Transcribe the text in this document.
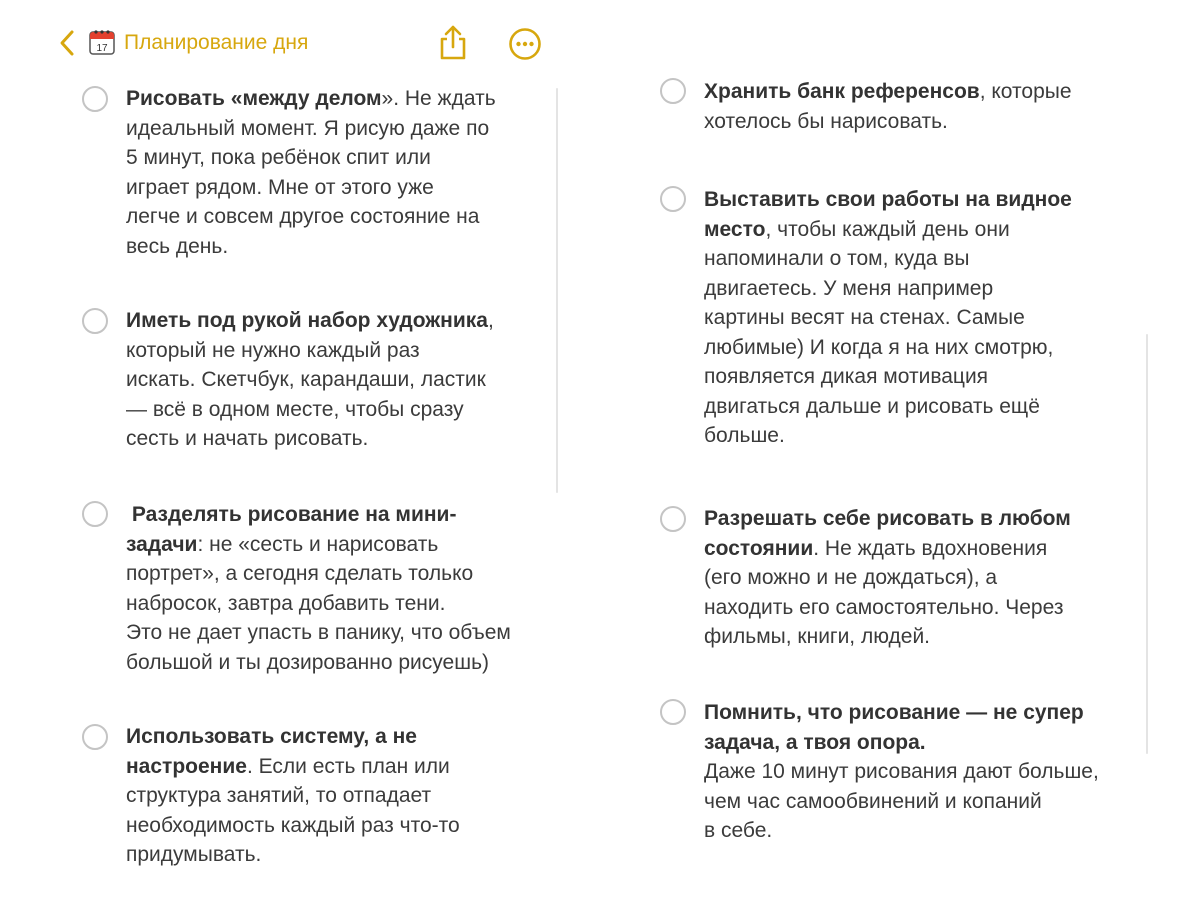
17 Планирование дня
Рисовать «между делом». Не ждать
идеальный момент. Я рисую даже по
5 минут, пока ребёнок спит или
играет рядом. Мне от этого уже
легче и совсем другое состояние на
весь день.
Иметь под рукой набор художника,
который не нужно каждый раз
искать. Скетчбук, карандаши, ластик
— всё в одном месте, чтобы сразу
сесть и начать рисовать.
Разделять рисование на мини-
задачи: не «сесть и нарисовать
портрет», а сегодня сделать только
набросок, завтра добавить тени.
Это не дает упасть в панику, что объем
большой и ты дозированно рисуешь)
Использовать систему, а не
настроение. Если есть план или
структура занятий, то отпадает
необходимость каждый раз что-то
придумывать.
Хранить банк референсов, которые
хотелось бы нарисовать.
Выставить свои работы на видное
место, чтобы каждый день они
напоминали о том, куда вы
двигаетесь. У меня например
картины весят на стенах. Самые
любимые) И когда я на них смотрю,
появляется дикая мотивация
двигаться дальше и рисовать ещё
больше.
Разрешать себе рисовать в любом
состоянии. Не ждать вдохновения
(его можно и не дождаться), а
находить его самостоятельно. Через
фильмы, книги, людей.
Помнить, что рисование — не супер
задача, а твоя опора.
Даже 10 минут рисования дают больше,
чем час самообвинений и копаний
в себе.
